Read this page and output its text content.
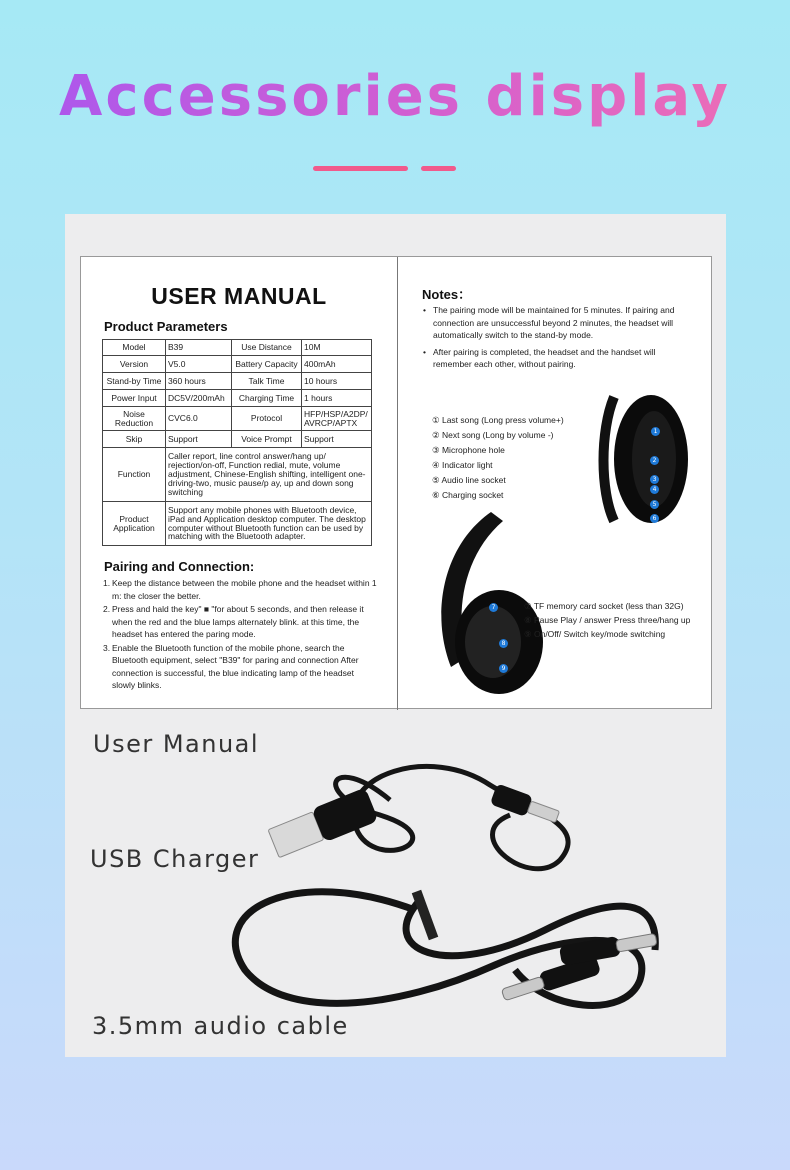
Accessories display
USER MANUAL
Product Parameters
Model	B39	Use Distance	10M
Version	V5.0	Battery Capacity	400mAh
Stand-by Time	360 hours	Talk Time	10 hours
Power Input	DC5V/200mAh	Charging Time	1 hours
Noise Reduction	CVC6.0	Protocol	HFP/HSP/A2DP/ AVRCP/APTX
Skip	Support	Voice Prompt	Support
Function	Caller report, line control answer/hang up/ rejection/on-off, Function redial, mute, volume adjustment, Chinese-English shifting, intelligent one-driving-two, music pause/p ay, up and down song switching		
Product Application	Support any mobile phones with Bluetooth device, iPad and Application desktop computer. The desktop computer without Bluetooth function can be used by matching with the Bluetooth adapter.		
Pairing and Connection:
1. Keep the distance between the mobile phone and the headset within 1 m: the closer the better.
2. Press and hald the key" ■ "for about 5 seconds, and then release it when the red and the blue lamps alternately blink. at this time, the headset has entered the paring mode.
3. Enable the Bluetooth function of the mobile phone, search the Bluetooth equipment, select "B39" for paring and connection After connection is successful, the blue indicating lamp of the headset slowly blinks.
Notes：
• The pairing mode will be maintained for 5 minutes. If pairing and connection are unsuccessful beyond 2 minutes, the headset will automatically switch to the stand-by mode.
• After pairing is completed, the headset and the handset will remember each other, without pairing.
① Last song (Long press volume+)
② Next song (Long by volume -)
③ Microphone hole
④ Indicator light
⑤ Audio line socket
⑥ Charging socket
1
2
3
4
5
6
7
8
9
⑦ TF memory card socket (less than 32G)
⑧ Pause Play / answer Press three/hang up
⑨ On/Off/ Switch key/mode switching
User Manual
USB Charger
3.5mm audio cable
